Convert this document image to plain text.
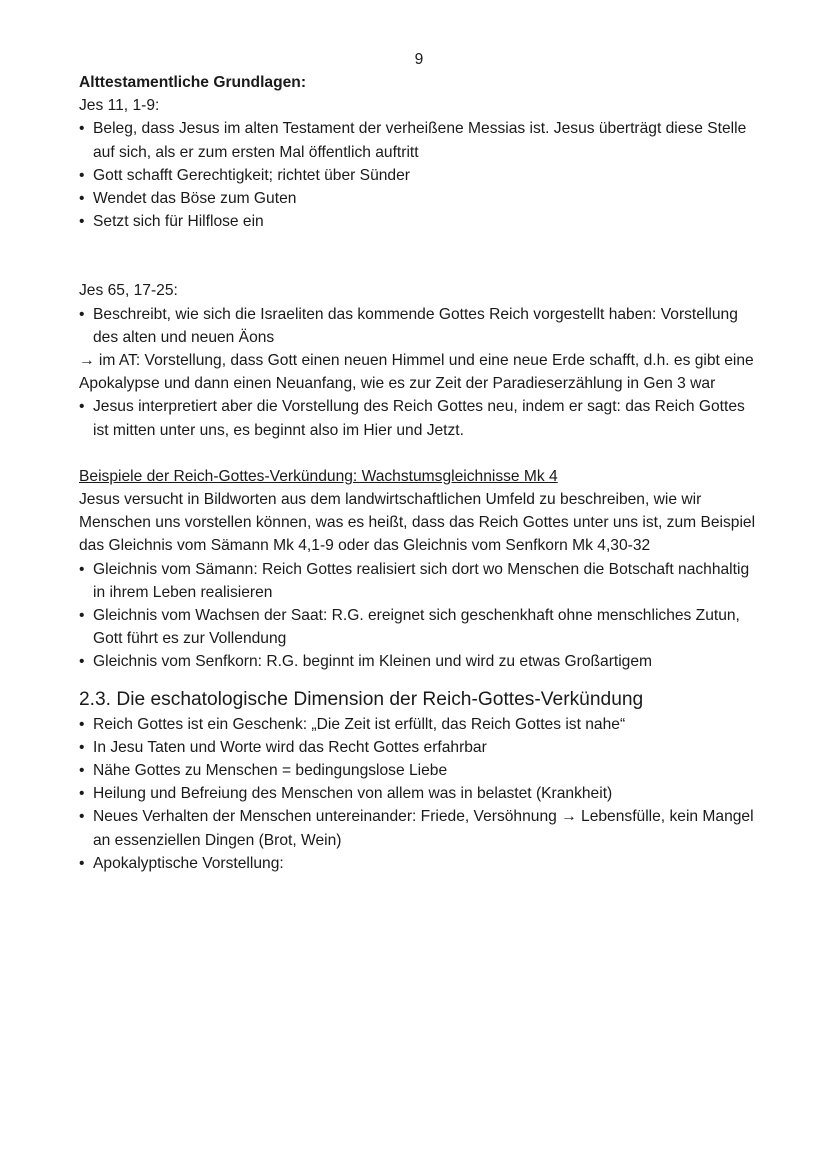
9
Alttestamentliche Grundlagen:
Jes 11, 1-9:
• Beleg, dass Jesus im alten Testament der verheißene Messias ist. Jesus überträgt diese Stelle auf sich, als er zum ersten Mal öffentlich auftritt
• Gott schafft Gerechtigkeit; richtet über Sünder
• Wendet das Böse zum Guten
• Setzt sich für Hilflose ein
Jes 65, 17-25:
• Beschreibt, wie sich die Israeliten das kommende Gottes Reich vorgestellt haben: Vorstellung des alten und neuen Äons
→ im AT: Vorstellung, dass Gott einen neuen Himmel und eine neue Erde schafft, d.h. es gibt eine Apokalypse und dann einen Neuanfang, wie es zur Zeit der Paradieserzählung in Gen 3 war
• Jesus interpretiert aber die Vorstellung des Reich Gottes neu, indem er sagt: das Reich Gottes ist mitten unter uns, es beginnt also im Hier und Jetzt.
Beispiele der Reich-Gottes-Verkündung: Wachstumsgleichnisse Mk 4
Jesus versucht in Bildworten aus dem landwirtschaftlichen Umfeld zu beschreiben, wie wir Menschen uns vorstellen können, was es heißt, dass das Reich Gottes unter uns ist, zum Beispiel das Gleichnis vom Sämann Mk 4,1-9 oder das Gleichnis vom Senfkorn Mk 4,30-32
• Gleichnis vom Sämann: Reich Gottes realisiert sich dort wo Menschen die Botschaft nachhaltig in ihrem Leben realisieren
• Gleichnis vom Wachsen der Saat: R.G. ereignet sich geschenkhaft ohne menschliches Zutun, Gott führt es zur Vollendung
• Gleichnis vom Senfkorn: R.G. beginnt im Kleinen und wird zu etwas Großartigem
2.3. Die eschatologische Dimension der Reich-Gottes-Verkündung
• Reich Gottes ist ein Geschenk: „Die Zeit ist erfüllt, das Reich Gottes ist nahe“
• In Jesu Taten und Worte wird das Recht Gottes erfahrbar
• Nähe Gottes zu Menschen = bedingungslose Liebe
• Heilung und Befreiung des Menschen von allem was in belastet (Krankheit)
• Neues Verhalten der Menschen untereinander: Friede, Versöhnung → Lebensfülle, kein Mangel an essenziellen Dingen (Brot, Wein)
• Apokalyptische Vorstellung:
